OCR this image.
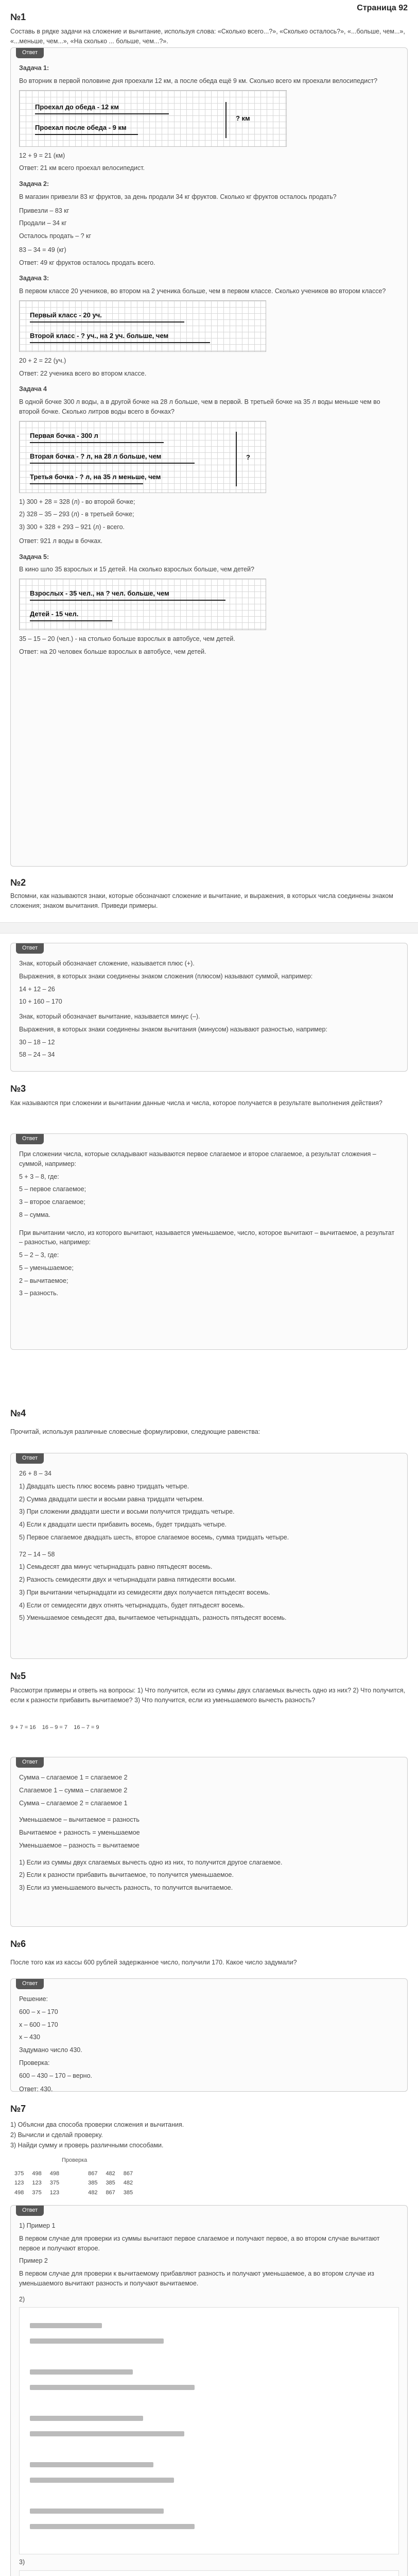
Страница 92
№1
Составь в рядке задачи на сложение и вычитание, используя слова: «Сколько всего...?», «Сколько осталось?», «...больше, чем...», «...меньше, чем...», «На сколько ... больше, чем...?».
Ответ

Задача 1:

Во вторник в первой половине дня проехали 12 км, а после обеда ещё 9 км. Сколько всего км проехали велосипедист?

Проехал до обеда - 12 км
Проехал после обеда - 9 км
? км

12 + 9 = 21 (км)

Ответ: 21 км всего проехал велосипедист.

Задача 2:

В магазин привезли 83 кг фруктов, за день продали 34 кг фруктов. Сколько кг фруктов осталось продать?

Привезли – 83 кг

Продали – 34 кг

Осталось продать – ? кг

83 – 34 = 49 (кг)

Ответ: 49 кг фруктов осталось продать всего.

Задача 3:

В первом классе 20 учеников, во втором на 2 ученика больше, чем в первом классе. Сколько учеников во втором классе?

Первый класс - 20 уч.
Второй класс - ? уч., на 2 уч. больше, чем

20 + 2 = 22 (уч.)

Ответ: 22 ученика всего во втором классе.

Задача 4

В одной бочке 300 л воды, а в другой бочке на 28 л больше, чем в первой. В третьей бочке на 35 л воды меньше чем во второй бочке. Сколько литров воды всего в бочках?

Первая бочка - 300 л
Вторая бочка - ? л, на 28 л больше, чем
Третья бочка - ? л, на 35 л меньше, чем
?

1) 300 + 28 = 328 (л) - во второй бочке;

2) 328 – 35 – 293 (л) - в третьей бочке;

3) 300 + 328 + 293 – 921 (л) - всего.

Ответ: 921 л воды в бочках.

Задача 5:

В кино шло 35 взрослых и 15 детей. На сколько взрослых больше, чем детей?

Взрослых - 35 чел., на ? чел. больше, чем
Детей - 15 чел.

35 – 15 – 20 (чел.) - на столько больше взрослых в автобусе, чем детей.

Ответ: на 20 человек больше взрослых в автобусе, чем детей.

№2
Вспомни, как называются знаки, которые обозначают сложение и вычитание, и выражения, в которых числа соединены знаком сложения; знаком вычитания. Приведи примеры.
Ответ

Знак, который обозначает сложение, называется плюс (+).

Выражения, в которых знаки соединены знаком сложения (плюсом) называют суммой, например:

14 + 12 – 26

10 + 160 – 170

Знак, который обозначает вычитание, называется минус (–).

Выражения, в которых знаки соединены знаком вычитания (минусом) называют разностью, например:

30 – 18 – 12

58 – 24 – 34

№3
Как называются при сложении и вычитании данные числа и числа, которое получается в результате выполнения действия?
Ответ

При сложении числа, которые складывают называются первое слагаемое и второе слагаемое, а результат сложения – суммой, например:

5 + 3 – 8, где:

5 – первое слагаемое;

3 – второе слагаемое;

8 – сумма.

При вычитании число, из которого вычитают, называется уменьшаемое, число, которое вычитают – вычитаемое, а результат – разностью, например:

5 – 2 – 3, где:

5 – уменьшаемое;

2 – вычитаемое;

3 – разность.

№4
Прочитай, используя различные словесные формулировки, следующие равенства:
Ответ

26 + 8 – 34

1) Двадцать шесть плюс восемь равно тридцать четыре.

2) Сумма двадцати шести и восьми равна тридцати четырем.

3) При сложении двадцати шести и восьми получится тридцать четыре.

4) Если к двадцати шести прибавить восемь, будет тридцать четыре.

5) Первое слагаемое двадцать шесть, второе слагаемое восемь, сумма тридцать четыре.

72 – 14 – 58

1) Семьдесят два минус четырнадцать равно пятьдесят восемь.

2) Разность семидесяти двух и четырнадцати равна пятидесяти восьми.

3) При вычитании четырнадцати из семидесяти двух получается пятьдесят восемь.

4) Если от семидесяти двух отнять четырнадцать, будет пятьдесят восемь.

5) Уменьшаемое семьдесят два, вычитаемое четырнадцать, разность пятьдесят восемь.

№5
Рассмотри примеры и ответь на вопросы: 1) Что получится, если из суммы двух слагаемых вычесть одно из них? 2) Что получится, если к разности прибавить вычитаемое? 3) Что получится, если из уменьшаемого вычесть разность?
9 + 7 = 16 16 – 9 = 7 16 – 7 = 9
Ответ

Сумма – слагаемое 1 = слагаемое 2

Слагаемое 1 – сумма – слагаемое 2

Сумма – слагаемое 2 = слагаемое 1

Уменьшаемое – вычитаемое = разность

Вычитаемое + разность = уменьшаемое

Уменьшаемое – разность = вычитаемое

1) Если из суммы двух слагаемых вычесть одно из них, то получится другое слагаемое.

2) Если к разности прибавить вычитаемое, то получится уменьшаемое.

3) Если из уменьшаемого вычесть разность, то получится вычитаемое.

№6
После того как из кассы 600 рублей задержанное число, получили 170. Какое число задумали?
Ответ

Решение:

600 – х – 170

х – 600 – 170

х – 430

Задумано число 430.

Проверка:

600 – 430 – 170 – верно.

Ответ: 430.

№7
1) Объясни два способа проверки сложения и вычитания.
2) Вычисли и сделай проверку.
3) Найди сумму и проверь различными способами.
Проверка
375	498	498		867	482	867
123	123	375		385	385	482
498	375	123		482	867	385
Ответ

1) Пример 1

В первом случае для проверки из суммы вычитают первое слагаемое и получают первое, а во втором случае вычитают первое и получают второе.

Пример 2

В первом случае для проверки к вычитаемому прибавляют разность и получают уменьшаемое, а во втором случае из уменьшаемого вычитают разность и получают вычитаемое.

2)

3)
